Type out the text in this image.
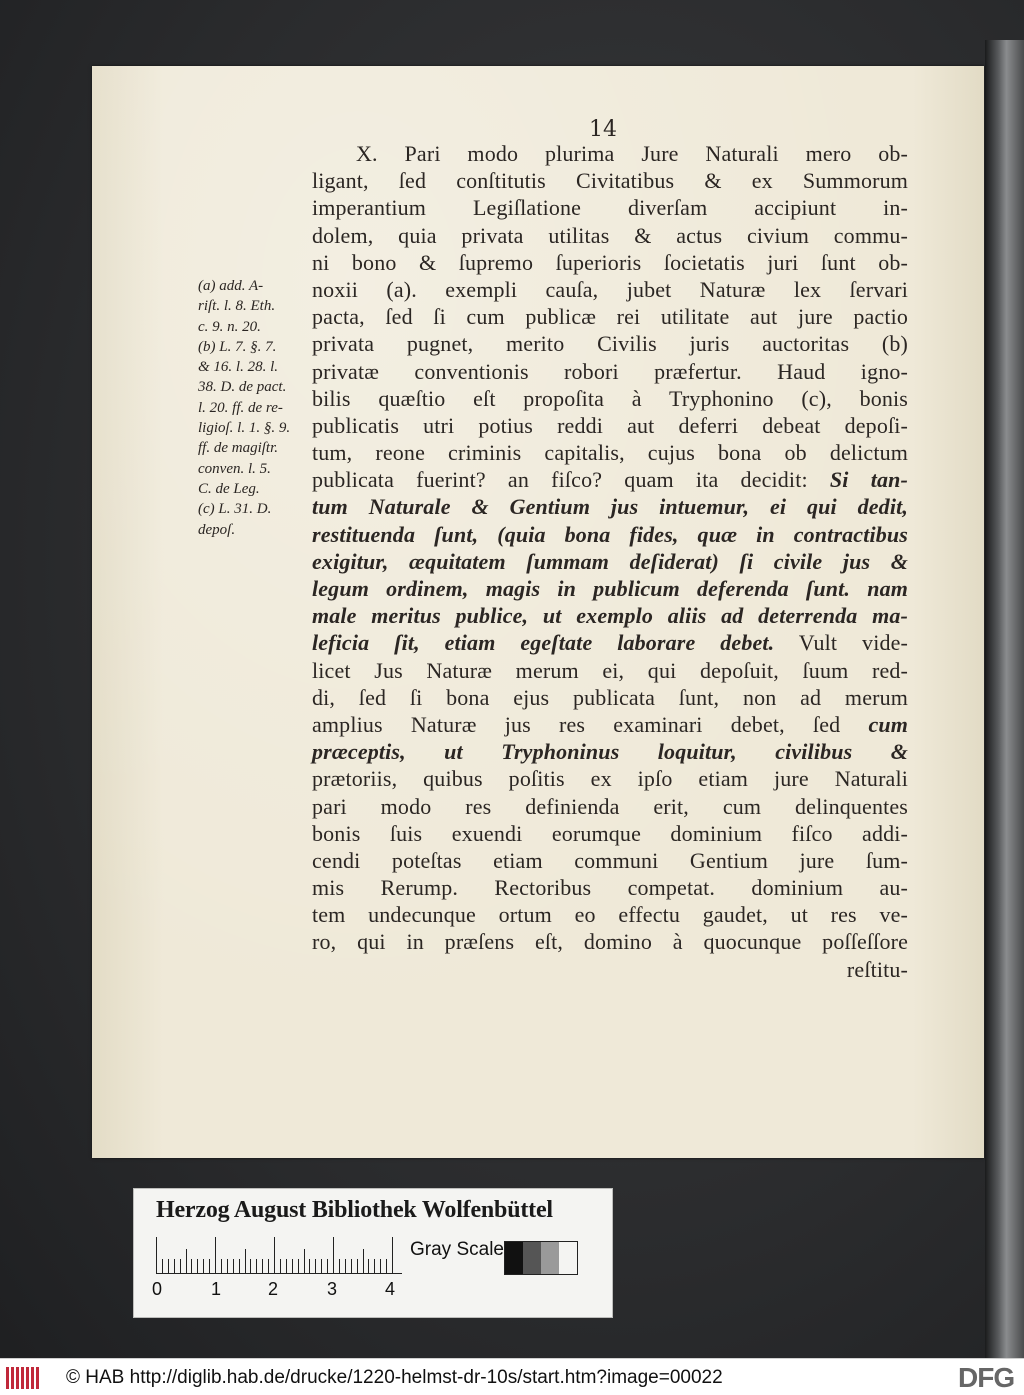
14
X. Pari modo plurima Jure Naturali mero ob-
ligant, ſed conſtitutis Civitatibus & ex Summorum
imperantium Legiſlatione diverſam accipiunt in-
dolem, quia privata utilitas & actus civium commu-
ni bono & ſupremo ſuperioris ſocietatis juri ſunt ob-
noxii (a). exempli cauſa, jubet Naturæ lex ſervari
pacta, ſed ſi cum publicæ rei utilitate aut jure pactio
privata pugnet, merito Civilis juris auctoritas (b)
privatæ conventionis robori præfertur. Haud igno-
bilis quæſtio eſt propoſita à Tryphonino (c), bonis
publicatis utri potius reddi aut deferri debeat depoſi-
tum, reone criminis capitalis, cujus bona ob delictum
publicata fuerint? an fiſco? quam ita decidit: Si tan-
tum Naturale & Gentium jus intuemur, ei qui dedit,
restituenda ſunt, (quia bona fides, quæ in contractibus
exigitur, æquitatem ſummam deſiderat) ſi civile jus &
legum ordinem, magis in publicum deferenda ſunt. nam
male meritus publice, ut exemplo aliis ad deterrenda ma-
leficia ſit, etiam egeſtate laborare debet. Vult vide-
licet Jus Naturæ merum ei, qui depoſuit, ſuum red-
di, ſed ſi bona ejus publicata ſunt, non ad merum
amplius Naturæ jus res examinari debet, ſed cum
præceptis, ut Tryphoninus loquitur, civilibus &
prætoriis, quibus poſitis ex ipſo etiam jure Naturali
pari modo res definienda erit, cum delinquentes
bonis ſuis exuendi eorumque dominium fiſco addi-
cendi poteſtas etiam communi Gentium jure ſum-
mis Rerump. Rectoribus competat. dominium au-
tem undecunque ortum eo effectu gaudet, ut res ve-
ro, qui in præſens eſt, domino à quocunque poſſeſſore
reſtitu-
(a) add. A-
riſt. l. 8. Eth.
c. 9. n. 20.
(b) L. 7. §. 7.
& 16. l. 28. l.
38. D. de pact.
l. 20. ff. de re-
ligioſ. l. 1. §. 9.
ff. de magiſtr.
conven. l. 5.
C. de Leg.
(c) L. 31. D.
depoſ.
Herzog August Bibliothek Wolfenbüttel
0	1	2	3	4
Gray Scale
© HAB http://diglib.hab.de/drucke/1220-helmst-dr-10s/start.htm?image=00022	DFG
